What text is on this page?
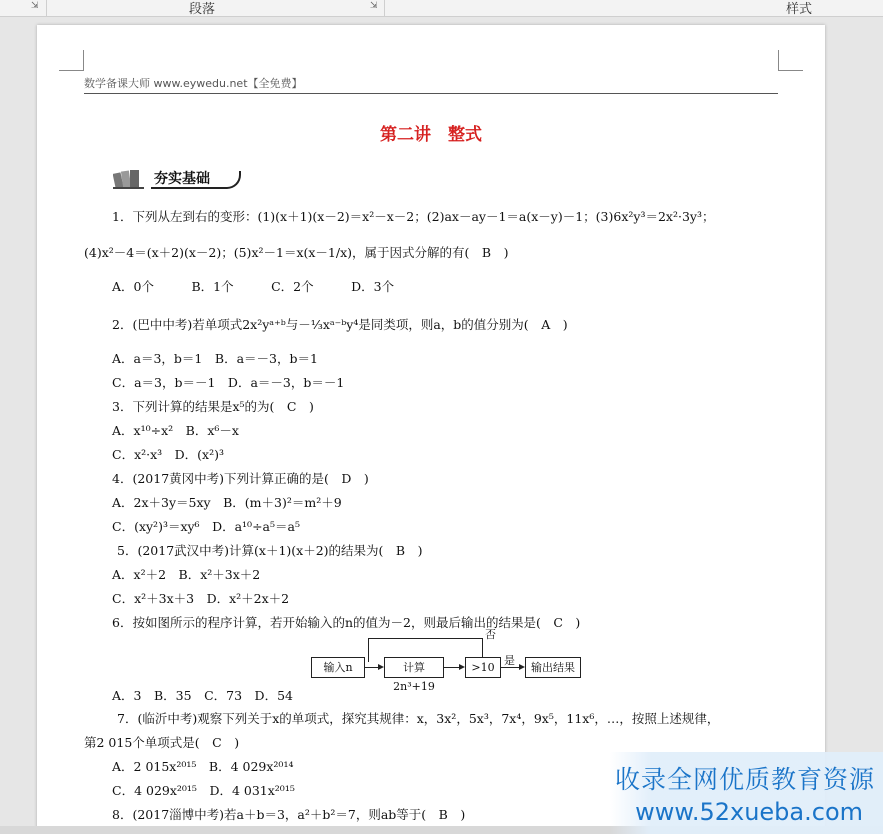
⇲	段落	⇲	样式
数学备课大师 www.eywedu.net【全免费】
第二讲　整式
夯实基础
1．下列从左到右的变形：(1)(x＋1)(x－2)＝x²－x－2；(2)ax－ay－1＝a(x－y)－1；(3)6x²y³＝2x²·3y³；
(4)x²－4＝(x＋2)(x－2)；(5)x²－1＝x(x－1/x)，属于因式分解的有(　B　)
A．0个　　　B．1个　　　C．2个　　　D．3个
2．(巴中中考)若单项式2x²yᵃ⁺ᵇ与－⅓xᵃ⁻ᵇy⁴是同类项，则a，b的值分别为(　A　)
A．a＝3，b＝1　B．a＝－3，b＝1
C．a＝3，b＝－1　D．a＝－3，b＝－1
3．下列计算的结果是x⁵的为(　C　)
A．x¹⁰÷x²　B．x⁶－x
C．x²·x³　D．(x²)³
4．(2017黄冈中考)下列计算正确的是(　D　)
A．2x＋3y＝5xy　B．(m＋3)²＝m²＋9
C．(xy²)³＝xy⁶　D．a¹⁰÷a⁵＝a⁵
5．(2017武汉中考)计算(x＋1)(x＋2)的结果为(　B　)
A．x²＋2　B．x²＋3x＋2
C．x²＋3x＋3　D．x²＋2x＋2
6．按如图所示的程序计算，若开始输入的n的值为－2，则最后输出的结果是(　C　)
A．3　B．35　C．73　D．54
7．(临沂中考)观察下列关于x的单项式，探究其规律：x，3x²，5x³，7x⁴，9x⁵，11x⁶，…，按照上述规律，
第2 015个单项式是(　C　)
A．2 015x²⁰¹⁵　B．4 029x²⁰¹⁴
C．4 029x²⁰¹⁵　D．4 031x²⁰¹⁵
8．(2017淄博中考)若a＋b＝3，a²＋b²＝7，则ab等于(　B　)
输入n	计算2n³+19
>10	输出结果
否
是
收录全网优质教育资源
www.52xueba.com
